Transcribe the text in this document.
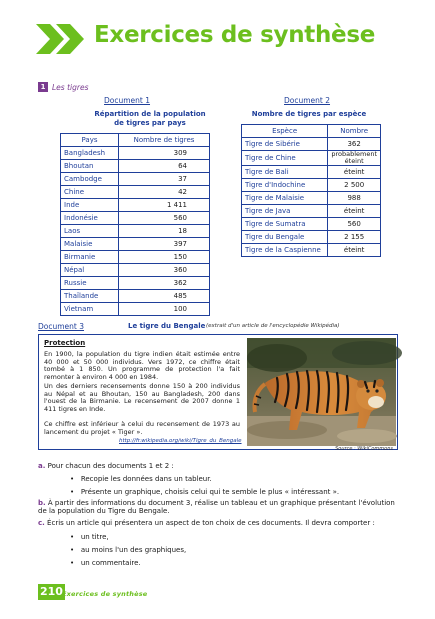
Exercices de synthèse
1 Les tigres
Document 1
Répartition de la population
de tigres par pays
Pays	Nombre de tigres
Bangladesh	309
Bhoutan	64
Cambodge	37
Chine	42
Inde	1 411
Indonésie	560
Laos	18
Malaisie	397
Birmanie	150
Népal	360
Russie	362
Thaïlande	485
Vietnam	100
Document 2
Nombre de tigres par espèce
Espèce	Nombre
Tigre de Sibérie	362
Tigre de Chine	probablement éteint
Tigre de Bali	éteint
Tigre d'Indochine	2 500
Tigre de Malaisie	988
Tigre de Java	éteint
Tigre de Sumatra	560
Tigre du Bengale	2 155
Tigre de la Caspienne	éteint
Document 3	Le tigre du Bengale (extrait d'un article de l'encyclopédie Wikipédia)
Protection
En 1900, la population du tigre indien était estimée entre 40 000 et 50 000 individus. Vers 1972, ce chiffre était tombé à 1 850. Un programme de protection l'a fait remonter à environ 4 000 en 1984.
Un des derniers recensements donne 150 à 200 individus au Népal et au Bhoutan, 150 au Bangladesh, 200 dans l'ouest de la Birmanie. Le recensement de 2007 donne 1 411 tigres en Inde.
Ce chiffre est inférieur à celui du recensement de 1973 au lancement du projet « Tiger ».
http://fr.wikipedia.org/wiki/Tigre_du_Bengale
Source : WikiCommons
a. Pour chacun des documents 1 et 2 :
• Recopie les données dans un tableur.
• Présente un graphique, choisis celui qui te semble le plus « intéressant ».
b. À partir des informations du document 3, réalise un tableau et un graphique présentant l'évolution de la population du Tigre du Bengale.
c. Écris un article qui présentera un aspect de ton choix de ces documents. Il devra comporter :
• un titre,
• au moins l'un des graphiques,
• un commentaire.
210 Exercices de synthèse
